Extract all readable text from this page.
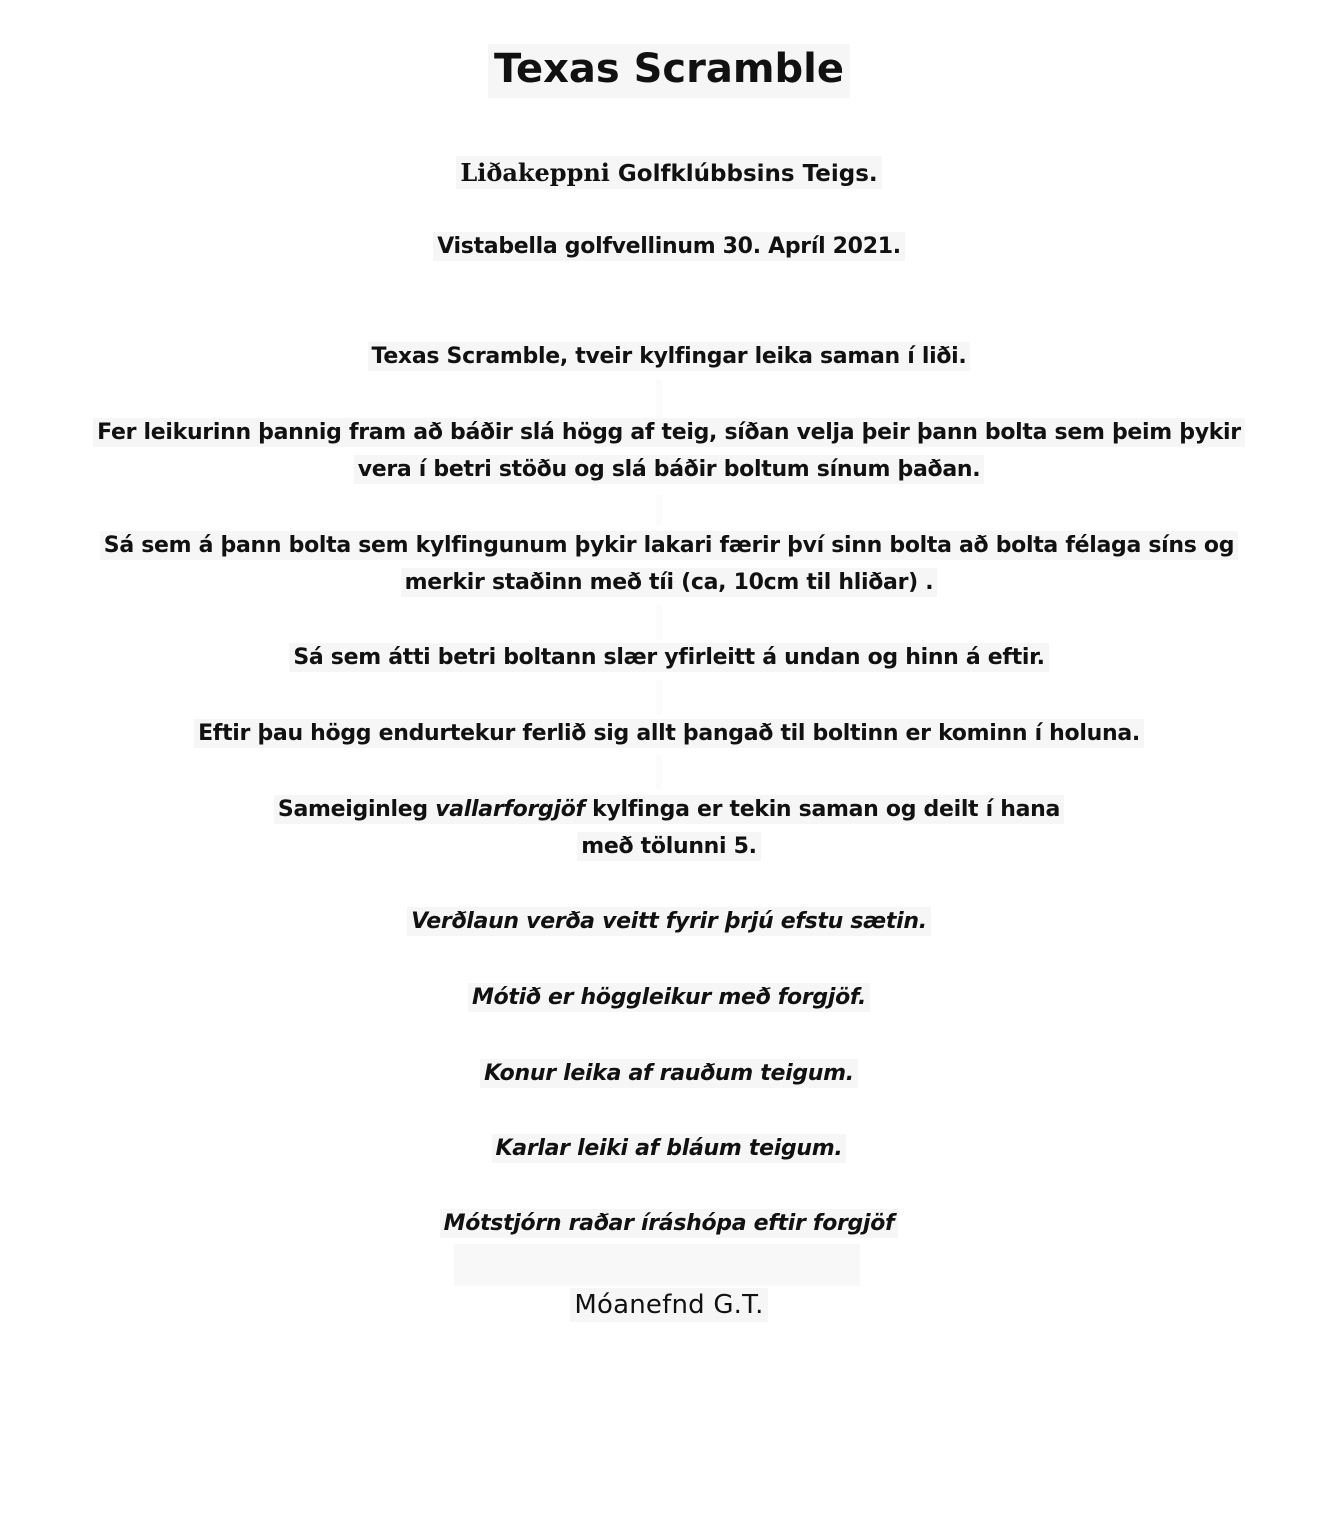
Texas Scramble
Liðakeppni Golfklúbbsins Teigs.
Vistabella golfvellinum 30. Apríl 2021.
Texas Scramble, tveir kylfingar leika saman í liði.
Fer leikurinn þannig fram að báðir slá högg af teig, síðan velja þeir þann bolta sem þeim þykir
vera í betri stöðu og slá báðir boltum sínum þaðan.
Sá sem á þann bolta sem kylfingunum þykir lakari færir því sinn bolta að bolta félaga síns og
merkir staðinn með tíi (ca, 10cm til hliðar) .
Sá sem átti betri boltann slær yfirleitt á undan og hinn á eftir.
Eftir þau högg endurtekur ferlið sig allt þangað til boltinn er kominn í holuna.
Sameiginleg vallarforgjöf kylfinga er tekin saman og deilt í hana
með tölunni 5.
Verðlaun verða veitt fyrir þrjú efstu sætin.
Mótið er höggleikur með forgjöf.
Konur leika af rauðum teigum.
Karlar leiki af bláum teigum.
Mótstjórn raðar íráshópa eftir forgjöf
Móanefnd G.T.
